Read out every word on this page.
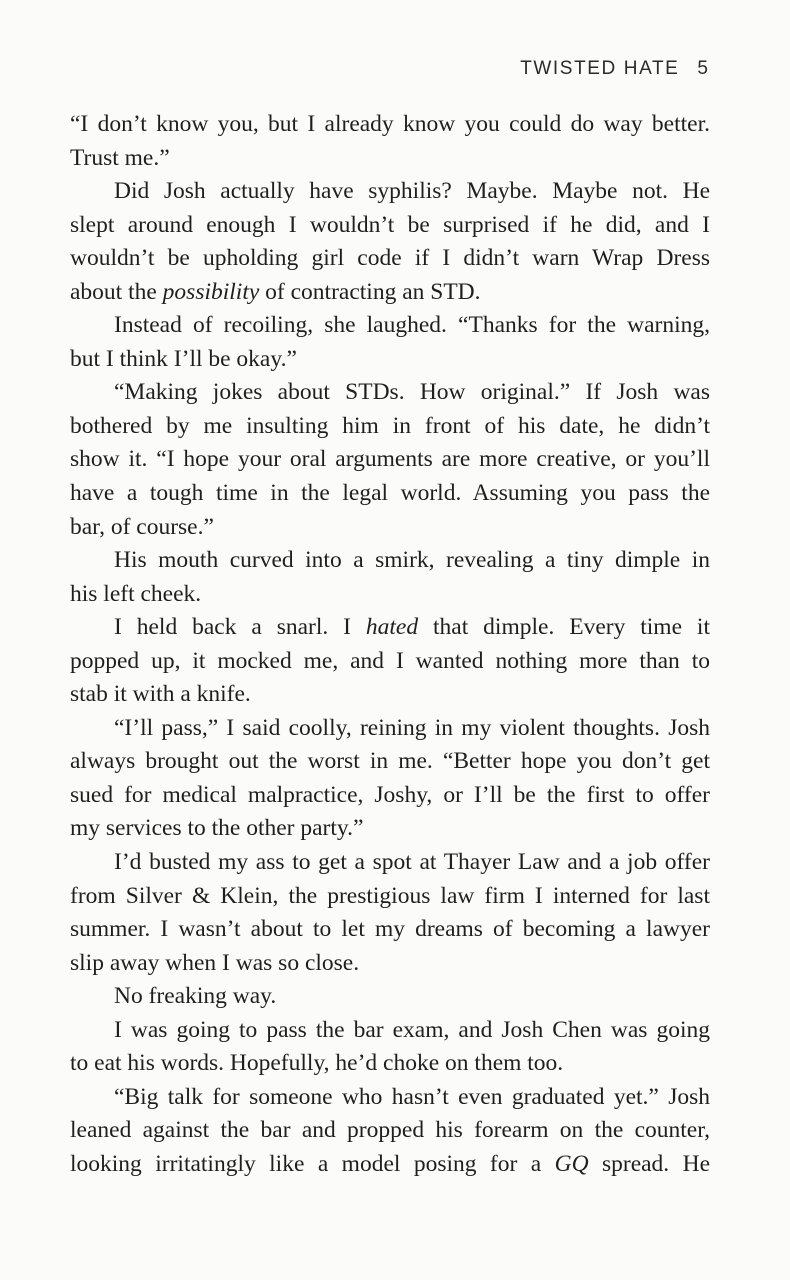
TWISTED HATE 5
“I don’t know you, but I already know you could do way better.
Trust me.”
Did Josh actually have syphilis? Maybe. Maybe not. He
slept around enough I wouldn’t be surprised if he did, and I
wouldn’t be upholding girl code if I didn’t warn Wrap Dress
about the possibility of contracting an STD.
Instead of recoiling, she laughed. “Thanks for the warning,
but I think I’ll be okay.”
“Making jokes about STDs. How original.” If Josh was
bothered by me insulting him in front of his date, he didn’t
show it. “I hope your oral arguments are more creative, or you’ll
have a tough time in the legal world. Assuming you pass the
bar, of course.”
His mouth curved into a smirk, revealing a tiny dimple in
his left cheek.
I held back a snarl. I hated that dimple. Every time it
popped up, it mocked me, and I wanted nothing more than to
stab it with a knife.
“I’ll pass,” I said coolly, reining in my violent thoughts. Josh
always brought out the worst in me. “Better hope you don’t get
sued for medical malpractice, Joshy, or I’ll be the first to offer
my services to the other party.”
I’d busted my ass to get a spot at Thayer Law and a job offer
from Silver & Klein, the prestigious law firm I interned for last
summer. I wasn’t about to let my dreams of becoming a lawyer
slip away when I was so close.
No freaking way.
I was going to pass the bar exam, and Josh Chen was going
to eat his words. Hopefully, he’d choke on them too.
“Big talk for someone who hasn’t even graduated yet.” Josh
leaned against the bar and propped his forearm on the counter,
looking irritatingly like a model posing for a GQ spread. He
